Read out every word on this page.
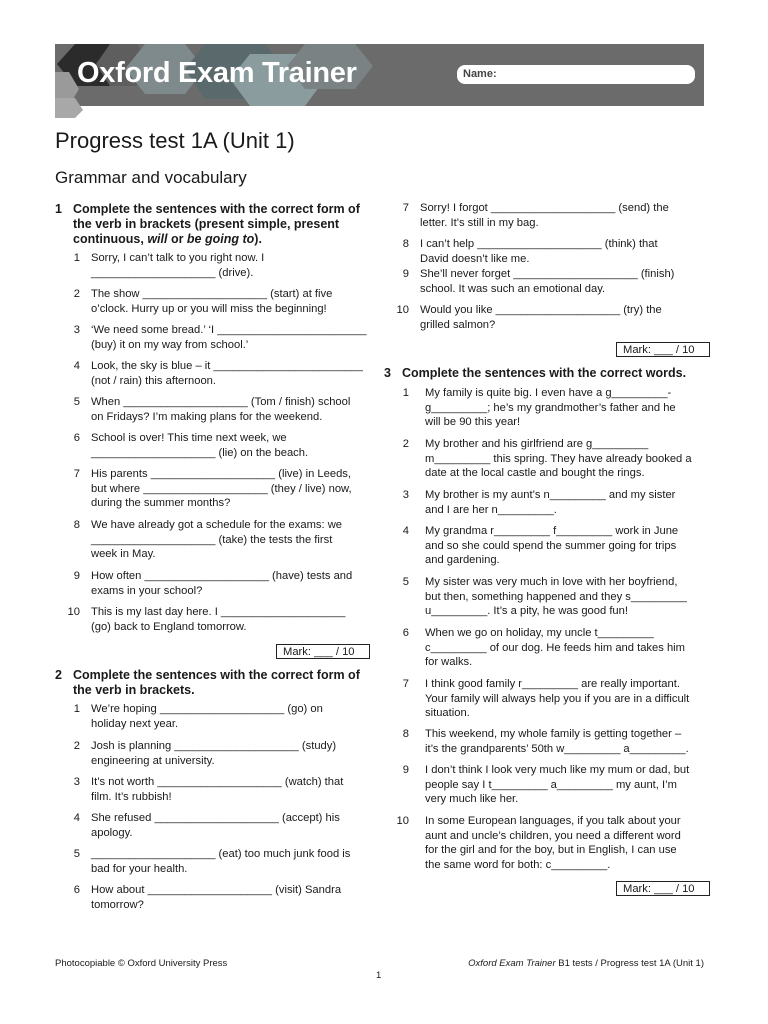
Oxford Exam Trainer	Name:
Progress test 1A (Unit 1)
Grammar and vocabulary
1 Complete the sentences with the correct form of
the verb in brackets (present simple, present
continuous, will or be going to).
1 Sorry, I can’t talk to you right now. I
____________________ (drive).
2 The show ____________________ (start) at five
o’clock. Hurry up or you will miss the beginning!
3 ‘We need some bread.’ ‘I ________________________
(buy) it on my way from school.’
4 Look, the sky is blue – it ________________________
(not / rain) this afternoon.
5 When ____________________ (Tom / finish) school
on Fridays? I’m making plans for the weekend.
6 School is over! This time next week, we
____________________ (lie) on the beach.
7 His parents ____________________ (live) in Leeds,
but where ____________________ (they / live) now,
during the summer months?
8 We have already got a schedule for the exams: we
____________________ (take) the tests the first
week in May.
9 How often ____________________ (have) tests and
exams in your school?
10 This is my last day here. I ____________________
(go) back to England tomorrow.
Mark: ___ / 10
2 Complete the sentences with the correct form of
the verb in brackets.
1 We’re hoping ____________________ (go) on
holiday next year.
2 Josh is planning ____________________ (study)
engineering at university.
3 It’s not worth ____________________ (watch) that
film. It’s rubbish!
4 She refused ____________________ (accept) his
apology.
5 ____________________ (eat) too much junk food is
bad for your health.
6 How about ____________________ (visit) Sandra
tomorrow?
7 Sorry! I forgot ____________________ (send) the
letter. It’s still in my bag.
8 I can’t help ____________________ (think) that
David doesn’t like me.
9 She’ll never forget ____________________ (finish)
school. It was such an emotional day.
10 Would you like ____________________ (try) the
grilled salmon?
Mark: ___ / 10
3 Complete the sentences with the correct words.
1 My family is quite big. I even have a g_________-
g_________; he’s my grandmother’s father and he
will be 90 this year!
2 My brother and his girlfriend are g_________
m_________ this spring. They have already booked a
date at the local castle and bought the rings.
3 My brother is my aunt’s n_________ and my sister
and I are her n_________.
4 My grandma r_________ f_________ work in June
and so she could spend the summer going for trips
and gardening.
5 My sister was very much in love with her boyfriend,
but then, something happened and they s_________
u_________. It’s a pity, he was good fun!
6 When we go on holiday, my uncle t_________
c_________ of our dog. He feeds him and takes him
for walks.
7 I think good family r_________ are really important.
Your family will always help you if you are in a difficult
situation.
8 This weekend, my whole family is getting together –
it’s the grandparents’ 50th w_________ a_________.
9 I don’t think I look very much like my mum or dad, but
people say I t_________ a_________ my aunt, I’m
very much like her.
10 In some European languages, if you talk about your
aunt and uncle’s children, you need a different word
for the girl and for the boy, but in English, I can use
the same word for both: c_________.
Mark: ___ / 10
Photocopiable © Oxford University Press	Oxford Exam Trainer B1 tests / Progress test 1A (Unit 1)
1
